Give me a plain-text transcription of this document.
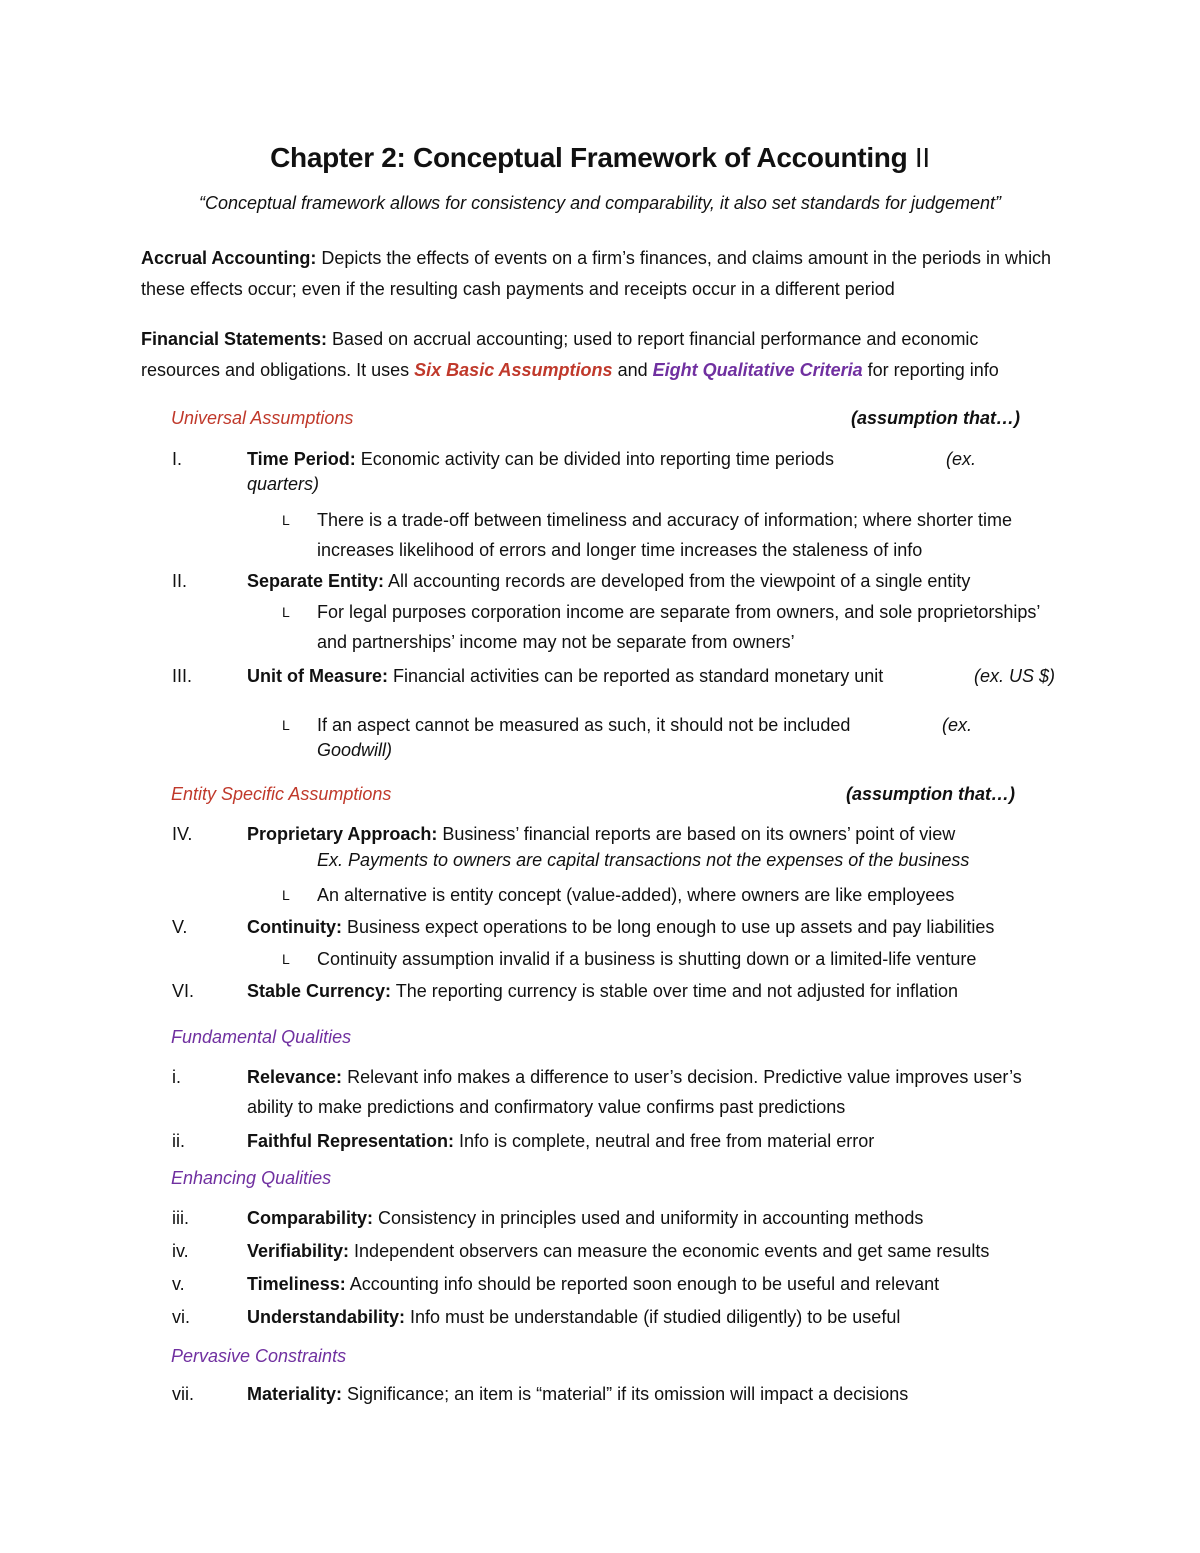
Chapter 2: Conceptual Framework of Accounting II
“Conceptual framework allows for consistency and comparability, it also set standards for judgement”
Accrual Accounting: Depicts the effects of events on a firm’s finances, and claims amount in the periods in which these effects occur; even if the resulting cash payments and receipts occur in a different period
Financial Statements: Based on accrual accounting; used to report financial performance and economic resources and obligations. It uses Six Basic Assumptions and Eight Qualitative Criteria for reporting info
Universal Assumptions	(assumption that…)
I.	Time Period: Economic activity can be divided into reporting time periods	(ex.
quarters)
L There is a trade-off between timeliness and accuracy of information; where shorter time increases likelihood of errors and longer time increases the staleness of info
II.	Separate Entity: All accounting records are developed from the viewpoint of a single entity
L For legal purposes corporation income are separate from owners, and sole proprietorships’ and partnerships’ income may not be separate from owners’
III.	Unit of Measure: Financial activities can be reported as standard monetary unit	(ex. US $)
L If an aspect cannot be measured as such, it should not be included	(ex.
Goodwill)
Entity Specific Assumptions	(assumption that…)
IV.	Proprietary Approach: Business’ financial reports are based on its owners’ point of view
Ex. Payments to owners are capital transactions not the expenses of the business
L An alternative is entity concept (value-added), where owners are like employees
V.	Continuity: Business expect operations to be long enough to use up assets and pay liabilities
L Continuity assumption invalid if a business is shutting down or a limited-life venture
VI.	Stable Currency: The reporting currency is stable over time and not adjusted for inflation
Fundamental Qualities
i.	Relevance: Relevant info makes a difference to user’s decision. Predictive value improves user’s ability to make predictions and confirmatory value confirms past predictions
ii.	Faithful Representation: Info is complete, neutral and free from material error
Enhancing Qualities
iii.	Comparability: Consistency in principles used and uniformity in accounting methods
iv.	Verifiability: Independent observers can measure the economic events and get same results
v.	Timeliness: Accounting info should be reported soon enough to be useful and relevant
vi.	Understandability: Info must be understandable (if studied diligently) to be useful
Pervasive Constraints
vii.	Materiality: Significance; an item is “material” if its omission will impact a decisions
